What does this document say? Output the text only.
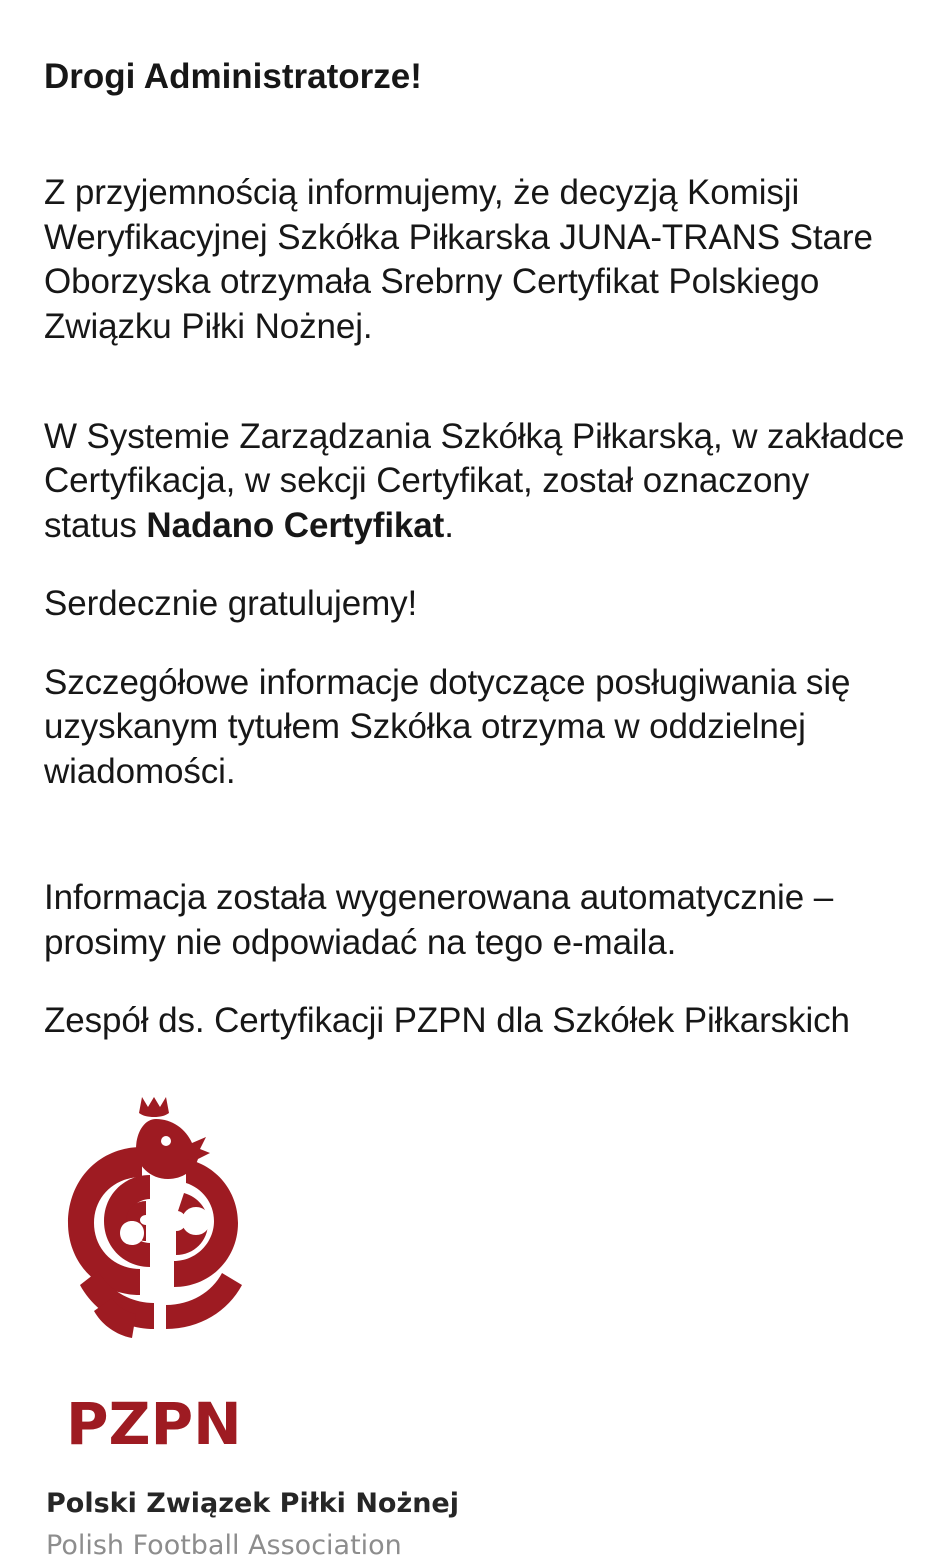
Drogi Administratorze!

Z przyjemnością informujemy, że decyzją Komisji Weryfikacyjnej Szkółka Piłkarska JUNA-TRANS Stare Oborzyska otrzymała Srebrny Certyfikat Polskiego Związku Piłki Nożnej.

W Systemie Zarządzania Szkółką Piłkarską, w zakładce Certyfikacja, w sekcji Certyfikat, został oznaczony status Nadano Certyfikat.

Serdecznie gratulujemy!

Szczegółowe informacje dotyczące posługiwania się uzyskanym tytułem Szkółka otrzyma w oddzielnej wiadomości.

Informacja została wygenerowana automatycznie – prosimy nie odpowiadać na tego e-maila.

Zespół ds. Certyfikacji PZPN dla Szkółek Piłkarskich

PZPN
Polski Związek Piłki Nożnej
Polish Football Association
